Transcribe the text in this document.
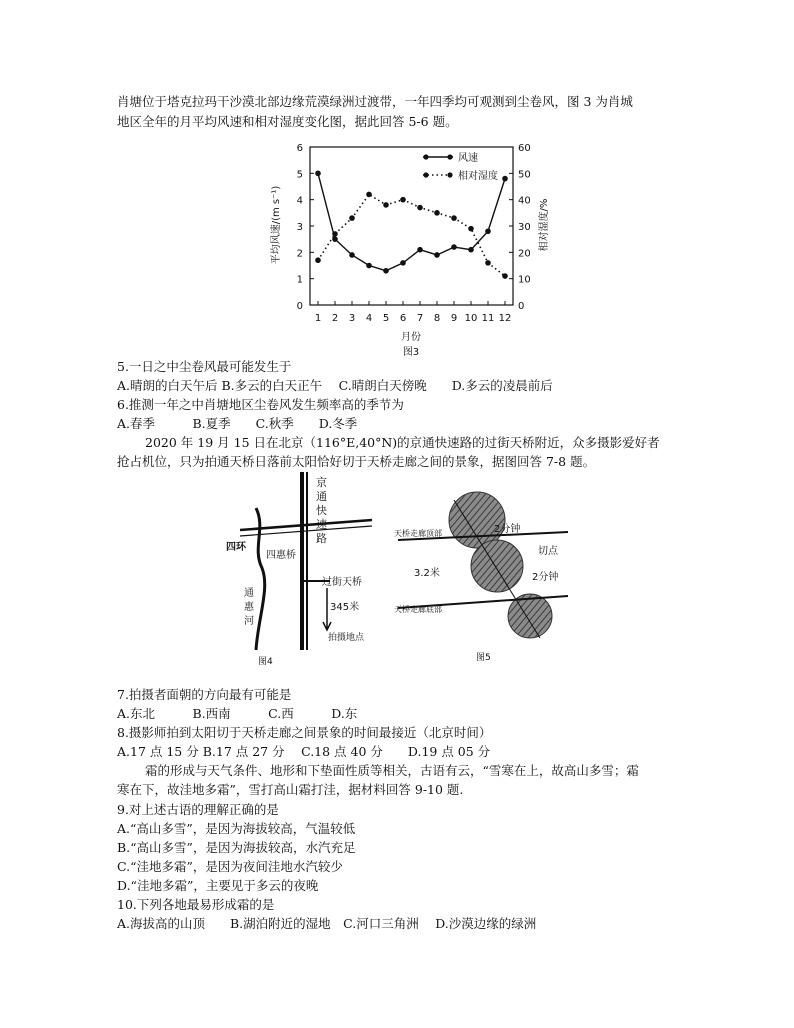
肖塘位于塔克拉玛干沙漠北部边缘荒漠绿洲过渡带，一年四季均可观测到尘卷风，图 3 为肖城

地区全年的月平均风速和相对湿度变化图，据此回答 5-6 题。

0
1
2
3
4
5
6
0
10
20
30
40
50
60
1 2 3 4 5 6 7 8 9 10 11 12
风速
相对湿度
平均风速/(m s⁻¹)	相对湿度/%
月份
图3

5.一日之中尘卷风最可能发生于

A.晴朗的白天午后 B.多云的白天正午　 C.晴朗白天傍晚　　D.多云的凌晨前后

6.推测一年之中肖塘地区尘卷风发生频率高的季节为

A.春季　　　B.夏季　　C.秋季　　D.冬季

2020 年 19 月 15 日在北京（116°E,40°N)的京通快速路的过街天桥附近，众多摄影爱好者

抢占机位，只为拍通天桥日落前太阳恰好切于天桥走廊之间的景象，据图回答 7-8 题。

京
通
快
速
路
四环
四惠桥
过街天桥
345米
拍摄地点
通
惠
河
图4
天桥走廊顶部
天桥走廊底部
3.2米
切点
2分钟
2分钟
图5

7.拍摄者面朝的方向最有可能是

A.东北　　　B.西南　　　C.西　　　D.东

8.摄影师拍到太阳切于天桥走廊之间景象的时间最接近（北京时间）

A.17 点 15 分 B.17 点 27 分　 C.18 点 40 分　　D.19 点 05 分

霜的形成与天气条件、地形和下垫面性质等相关，古语有云，“雪寒在上，故高山多雪；霜

寒在下，故洼地多霜”，雪打高山霜打洼，据材料回答 9-10 题.

9.对上述古语的理解正确的是

A.“高山多雪”，是因为海拔较高，气温较低

B.“高山多雪”，是因为海拔较高，水汽充足

C.“洼地多霜”，是因为夜间洼地水汽较少

D.“洼地多霜”，主要见于多云的夜晚

10.下列各地最易形成霜的是

A.海拔高的山顶　　B.湖泊附近的湿地　C.河口三角洲　 D.沙漠边缘的绿洲
